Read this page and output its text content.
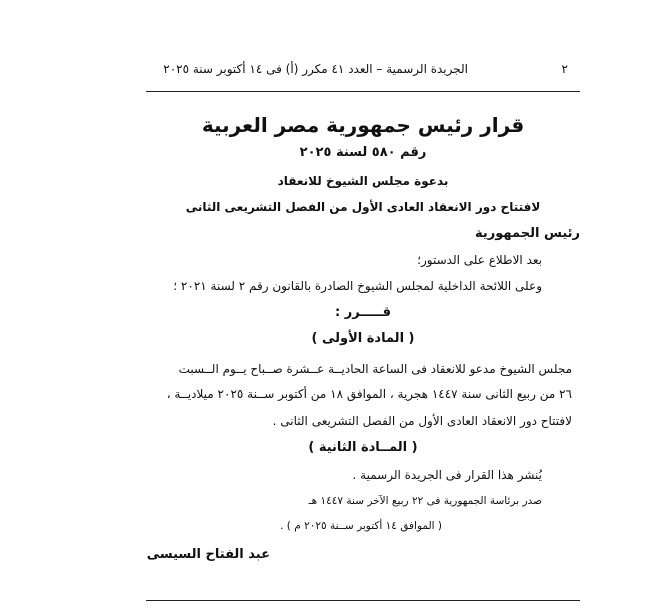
٢
الجريدة الرسمية – العدد ٤١ مكرر (أ) فى ١٤ أكتوبر سنة ٢٠٢٥
قرار رئيس جمهورية مصر العربية
رقم ٥٨٠ لسنة ٢٠٢٥
بدعوة مجلس الشيوخ للانعقاد
لافتتاح دور الانعقاد العادى الأول من الفصل التشريعى الثانى
رئيس الجمهورية
بعد الاطلاع على الدستور؛
وعلى اللائحة الداخلية لمجلس الشيوخ الصادرة بالقانون رقم ٢ لسنة ٢٠٢١ ؛
قـــــرر :
( المادة الأولى )
مجلس الشيوخ مدعو للانعقاد فى الساعة الحاديــة عــشرة صــباح يــوم الــسبت
٢٦ من ربيع الثانى سنة ١٤٤٧ هجرية ، الموافق ١٨ من أكتوبر ســنة ٢٠٢٥ ميلاديــة ،
لافتتاح دور الانعقاد العادى الأول من الفصل التشريعى الثانى .
( المــادة الثانية )
يُنشر هذا القرار فى الجريدة الرسمية .
صدر برئاسة الجمهورية فى ٢٢ ربيع الآخر سنة ١٤٤٧ هـ
( الموافق ١٤ أكتوبر ســنة ٢٠٢٥ م ) .
عبد الفتاح السيسى
